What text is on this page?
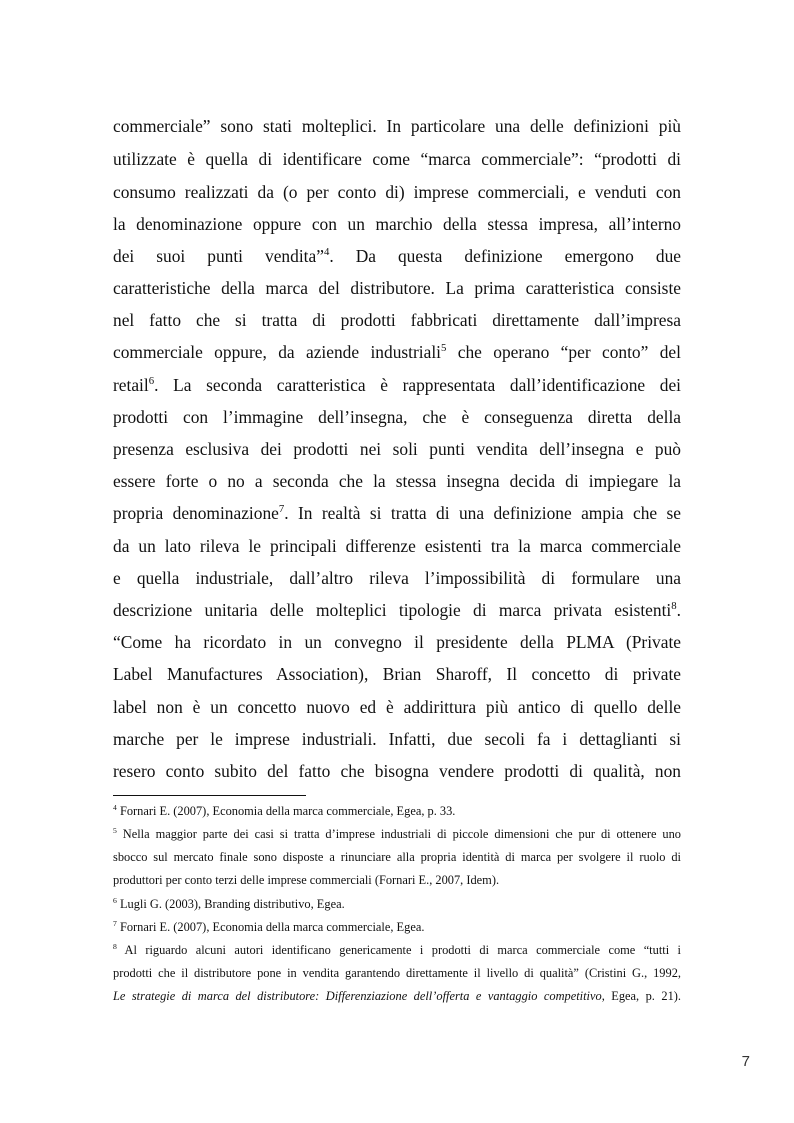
commerciale” sono stati molteplici. In particolare una delle definizioni più
utilizzate è quella di identificare come “marca commerciale”: “prodotti di
consumo realizzati da (o per conto di) imprese commerciali, e venduti con
la denominazione oppure con un marchio della stessa impresa, all’interno
dei suoi punti vendita”$^4$. Da questa definizione emergono due
caratteristiche della marca del distributore. La prima caratteristica consiste
nel fatto che si tratta di prodotti fabbricati direttamente dall’impresa
commerciale oppure, da aziende industriali$^5$ che operano “per conto” del
retail$^6$. La seconda caratteristica è rappresentata dall’identificazione dei
prodotti con l’immagine dell’insegna, che è conseguenza diretta della
presenza esclusiva dei prodotti nei soli punti vendita dell’insegna e può
essere forte o no a seconda che la stessa insegna decida di impiegare la
propria denominazione$^7$. In realtà si tratta di una definizione ampia che se
da un lato rileva le principali differenze esistenti tra la marca commerciale
e quella industriale, dall’altro rileva l’impossibilità di formulare una
descrizione unitaria delle molteplici tipologie di marca privata esistenti$^8$.
“Come ha ricordato in un convegno il presidente della PLMA (Private
Label Manufactures Association), Brian Sharoff, Il concetto di private
label non è un concetto nuovo ed è addirittura più antico di quello delle
marche per le imprese industriali. Infatti, due secoli fa i dettaglianti si
resero conto subito del fatto che bisogna vendere prodotti di qualità, non
$^4$ Fornari E. (2007), Economia della marca commerciale, Egea, p. 33.
$^5$ Nella maggior parte dei casi si tratta d’imprese industriali di piccole dimensioni che pur di ottenere uno
sbocco sul mercato finale sono disposte a rinunciare alla propria identità di marca per svolgere il ruolo di
produttori per conto terzi delle imprese commerciali (Fornari E., 2007, Idem).
$^6$ Lugli G. (2003), Branding distributivo, Egea.
$^7$ Fornari E. (2007), Economia della marca commerciale, Egea.
$^8$ Al riguardo alcuni autori identificano genericamente i prodotti di marca commerciale come “tutti i
prodotti che il distributore pone in vendita garantendo direttamente il livello di qualità” (Cristini G., 1992,
Le strategie di marca del distributore: Differenziazione dell’offerta e vantaggio competitivo, Egea, p. 21).
7
